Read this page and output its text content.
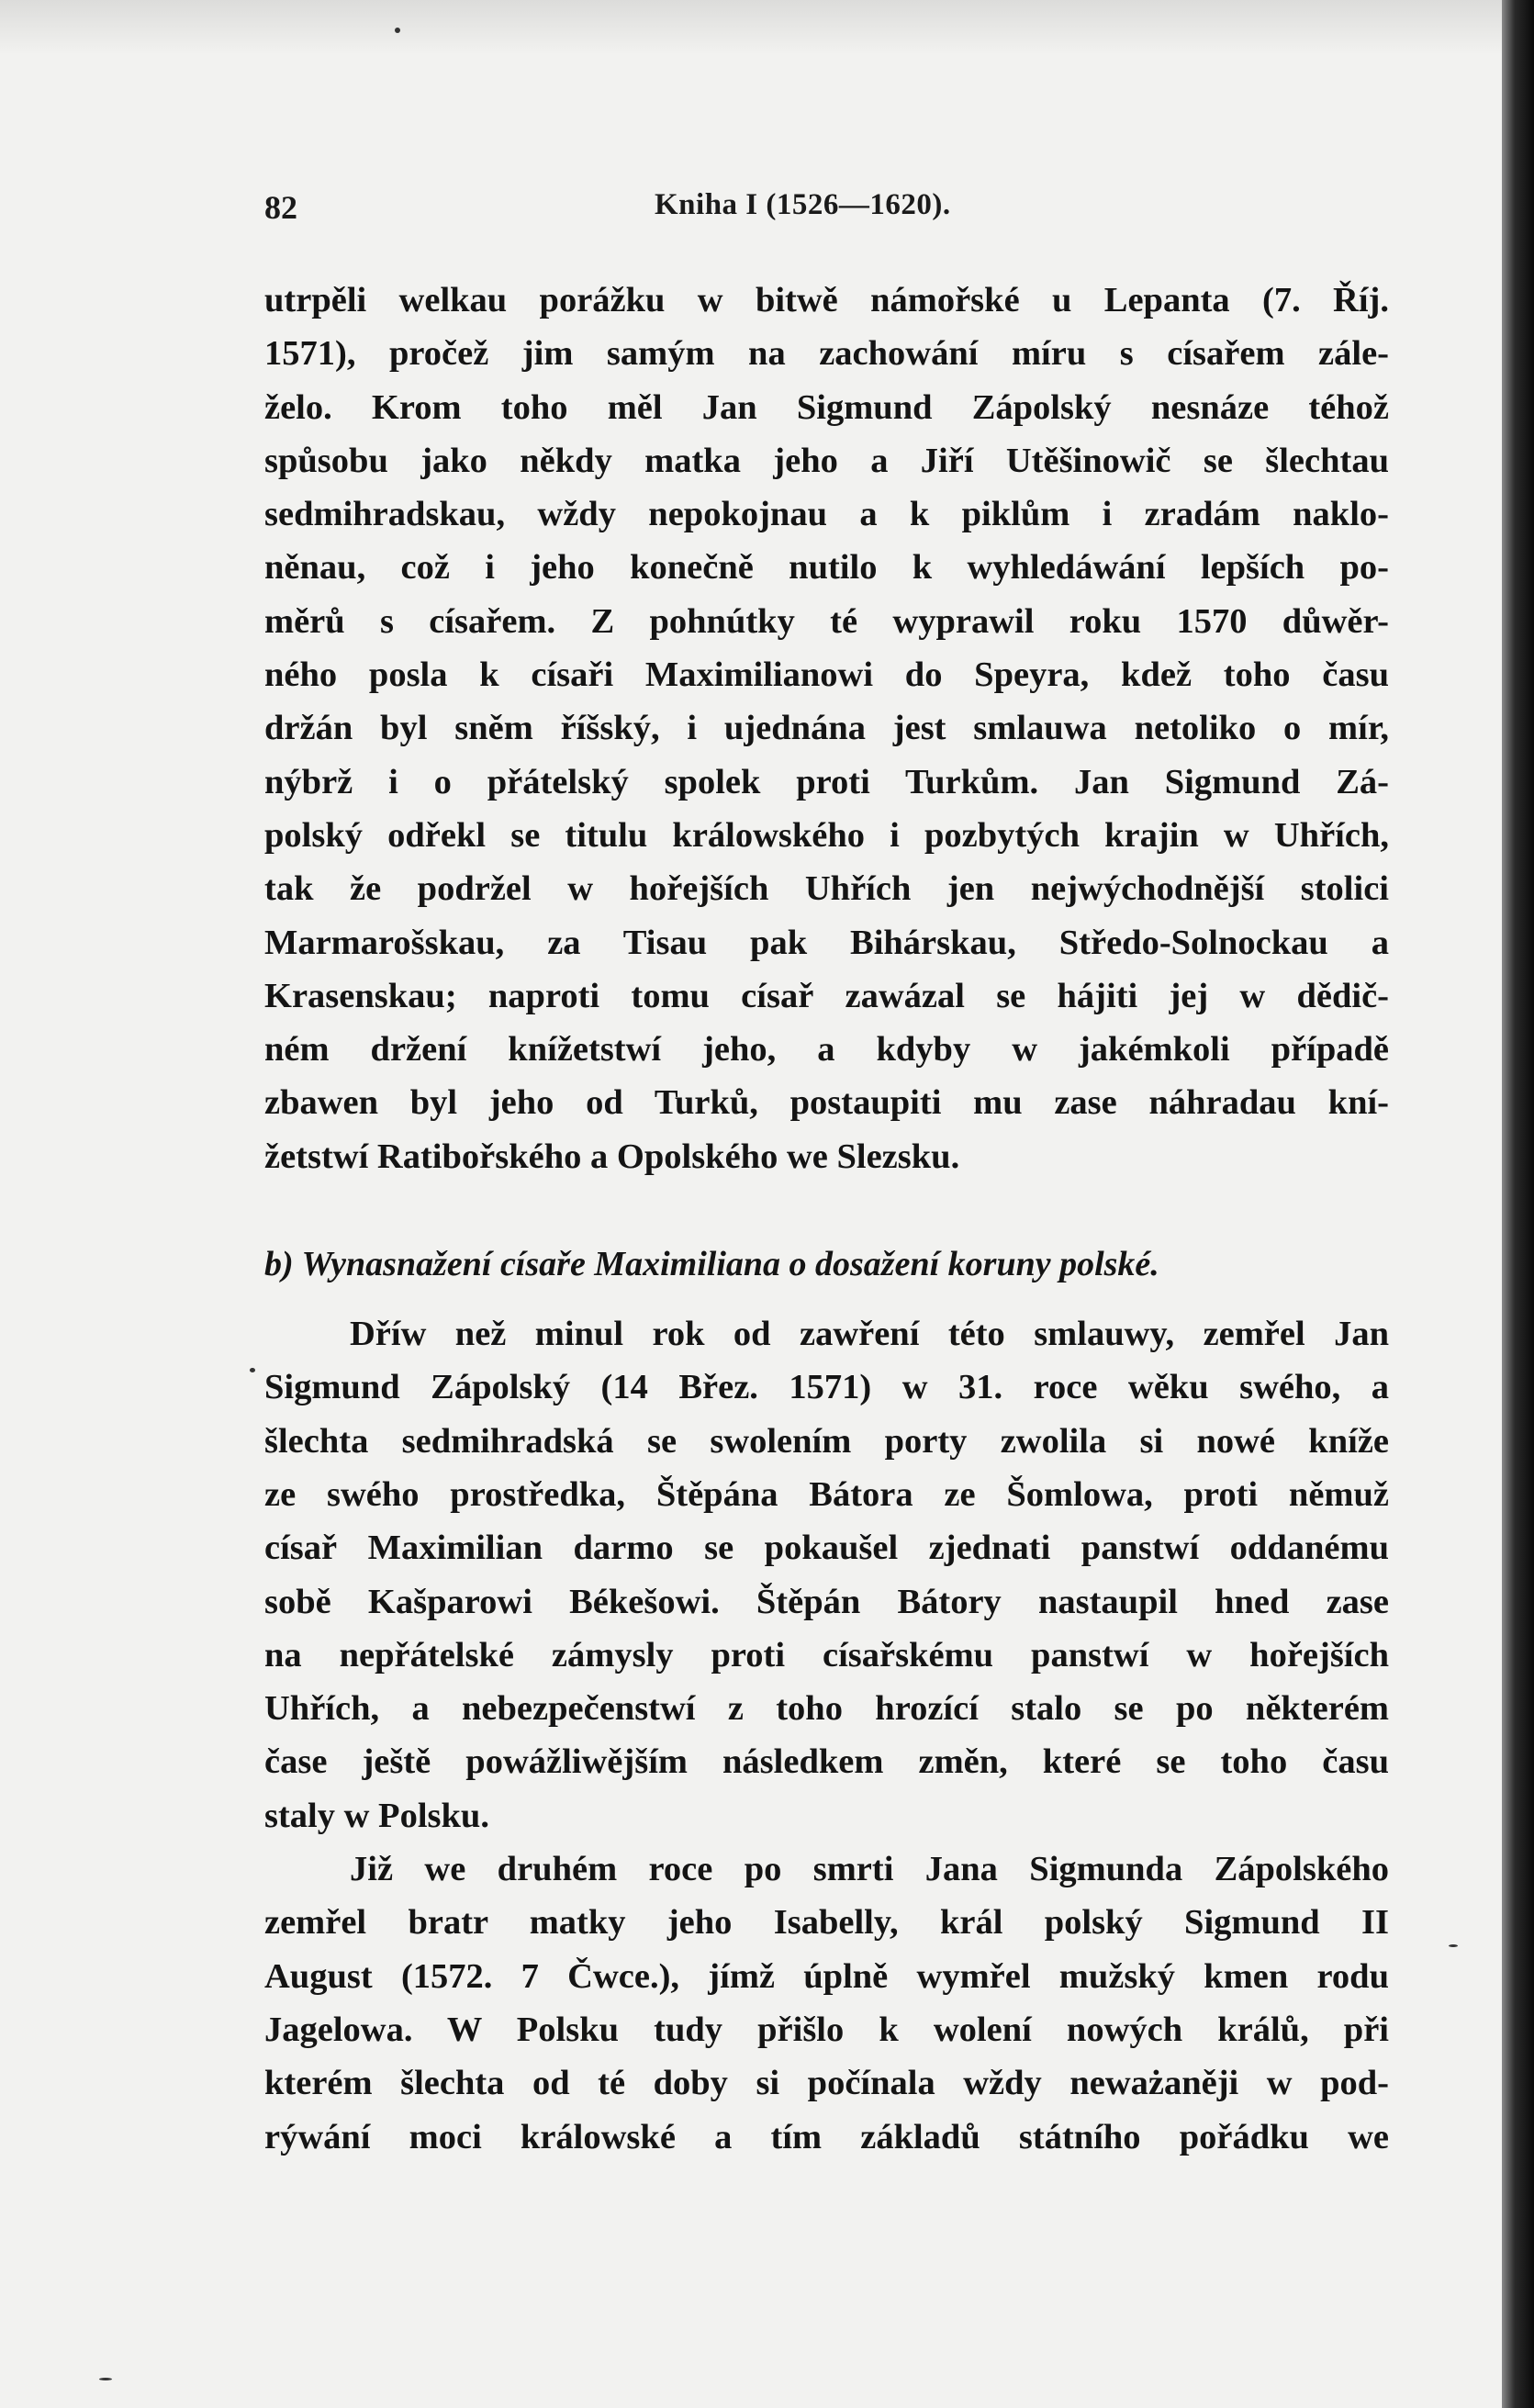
82	Kniha I (1526—1620).

utrpěli welkau porážku w bitwě námořské u Lepanta (7. Říj.
1571), pročež jim samým na zachowání míru s císařem zále-
želo. Krom toho měl Jan Sigmund Zápolský nesnáze téhož
spůsobu jako někdy matka jeho a Jiří Utěšinowič se šlechtau
sedmihradskau, wždy nepokojnau a k piklům i zradám naklo-
něnau, což i jeho konečně nutilo k wyhledáwání lepších po-
měrů s císařem. Z pohnútky té wyprawil roku 1570 důwěr-
ného posla k císaři Maximilianowi do Speyra, kdež toho času
držán byl sněm říšský, i ujednána jest smlauwa netoliko o mír,
nýbrž i o přátelský spolek proti Turkům. Jan Sigmund Zá-
polský odřekl se titulu králowského i pozbytých krajin w Uhřích,
tak že podržel w hořejších Uhřích jen nejwýchodnější stolici
Marmarošskau, za Tisau pak Bihárskau, Středo-Solnockau a
Krasenskau; naproti tomu císař zawázal se hájiti jej w dědič-
ném držení knížetstwí jeho, a kdyby w jakémkoli případě
zbawen byl jeho od Turků, postaupiti mu zase náhradau kní-
žetstwí Ratibořského a Opolského we Slezsku.

b) Wynasnažení císaře Maximiliana o dosažení koruny polské.

Dříw než minul rok od zawření této smlauwy, zemřel Jan
Sigmund Zápolský (14 Břez. 1571) w 31. roce wěku swého, a
šlechta sedmihradská se swolením porty zwolila si nowé kníže
ze swého prostředka, Štěpána Bátora ze Šomlowa, proti němuž
císař Maximilian darmo se pokaušel zjednati panstwí oddanému
sobě Kašparowi Békešowi. Štěpán Bátory nastaupil hned zase
na nepřátelské zámysly proti císařskému panstwí w hořejších
Uhřích, a nebezpečenstwí z toho hrozící stalo se po některém
čase ještě powážliwějším následkem změn, které se toho času
staly w Polsku.

Již we druhém roce po smrti Jana Sigmunda Zápolského
zemřel bratr matky jeho Isabelly, král polský Sigmund II
August (1572. 7 Čwce.), jímž úplně wymřel mužský kmen rodu
Jagelowa. W Polsku tudy přišlo k wolení nowých králů, při
kterém šlechta od té doby si počínala wždy neważaněji w pod-
rýwání moci králowské a tím základů státního pořádku we
